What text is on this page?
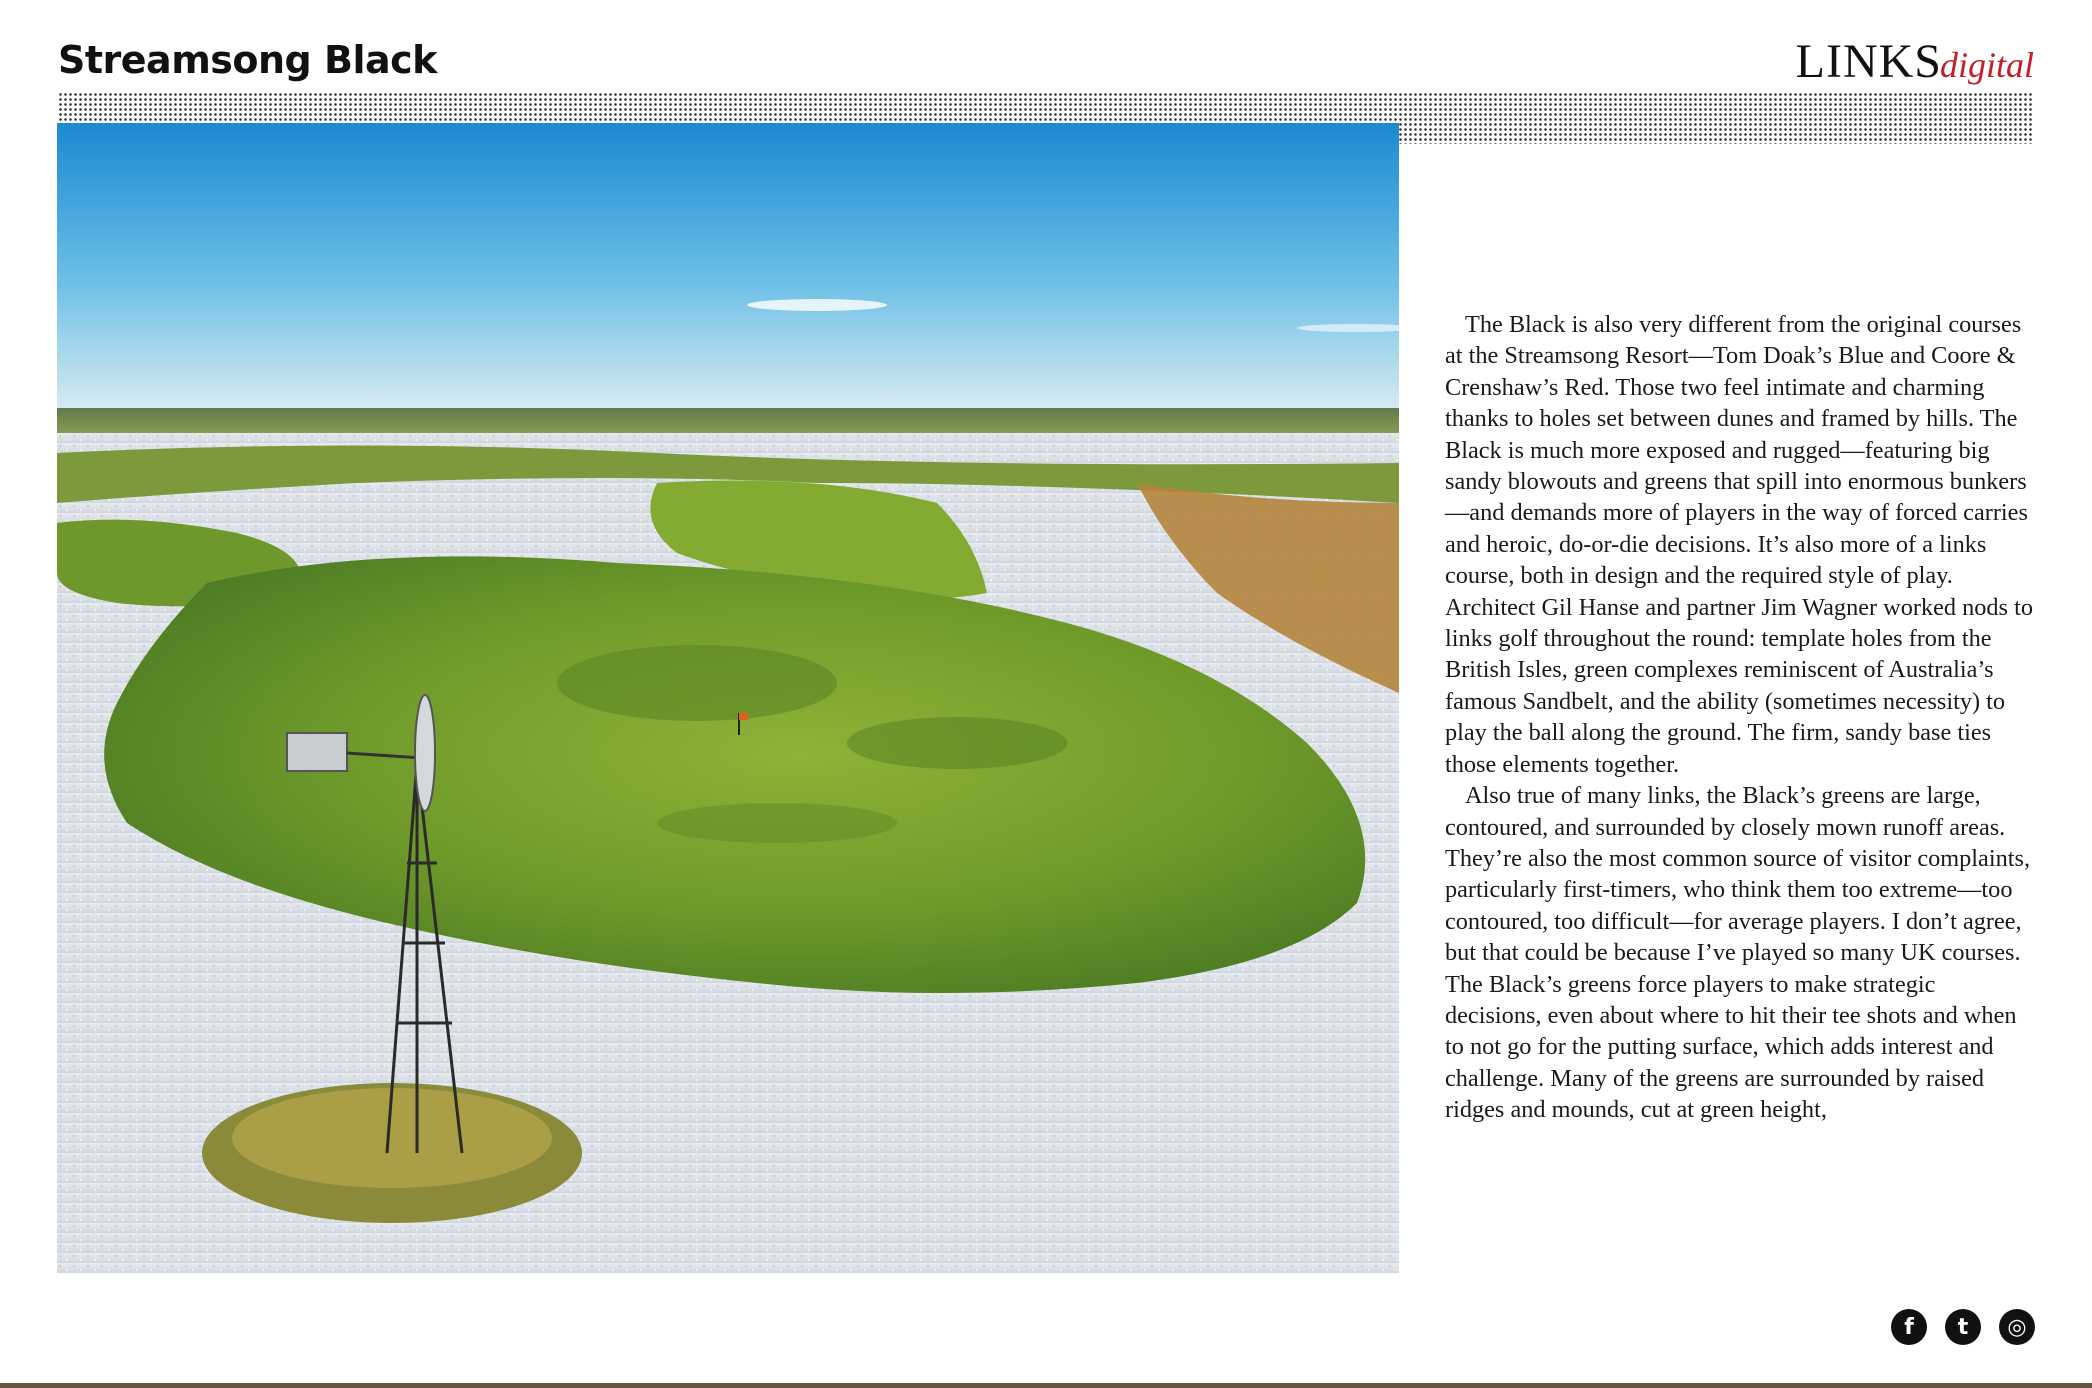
Streamsong Black	LINKSdigital

The Black is also very different from the original courses at the Streamsong Resort—Tom Doak’s Blue and Coore & Crenshaw’s Red. Those two feel intimate and charming thanks to holes set between dunes and framed by hills. The Black is much more exposed and rugged—featuring big sandy blowouts and greens that spill into enormous bunkers—and demands more of players in the way of forced carries and heroic, do-or-die decisions. It’s also more of a links course, both in design and the required style of play. Architect Gil Hanse and partner Jim Wagner worked nods to links golf throughout the round: template holes from the British Isles, green complexes reminiscent of Australia’s famous Sandbelt, and the ability (sometimes necessity) to play the ball along the ground. The firm, sandy base ties those elements together.

Also true of many links, the Black’s greens are large, contoured, and surrounded by closely mown runoff areas. They’re also the most common source of visitor complaints, particularly first-timers, who think them too extreme—too contoured, too difficult—for average players. I don’t agree, but that could be because I’ve played so many UK courses. The Black’s greens force players to make strategic decisions, even about where to hit their tee shots and when to not go for the putting surface, which adds interest and challenge. Many of the greens are surrounded by raised ridges and mounds, cut at green height,

f	t	◎
